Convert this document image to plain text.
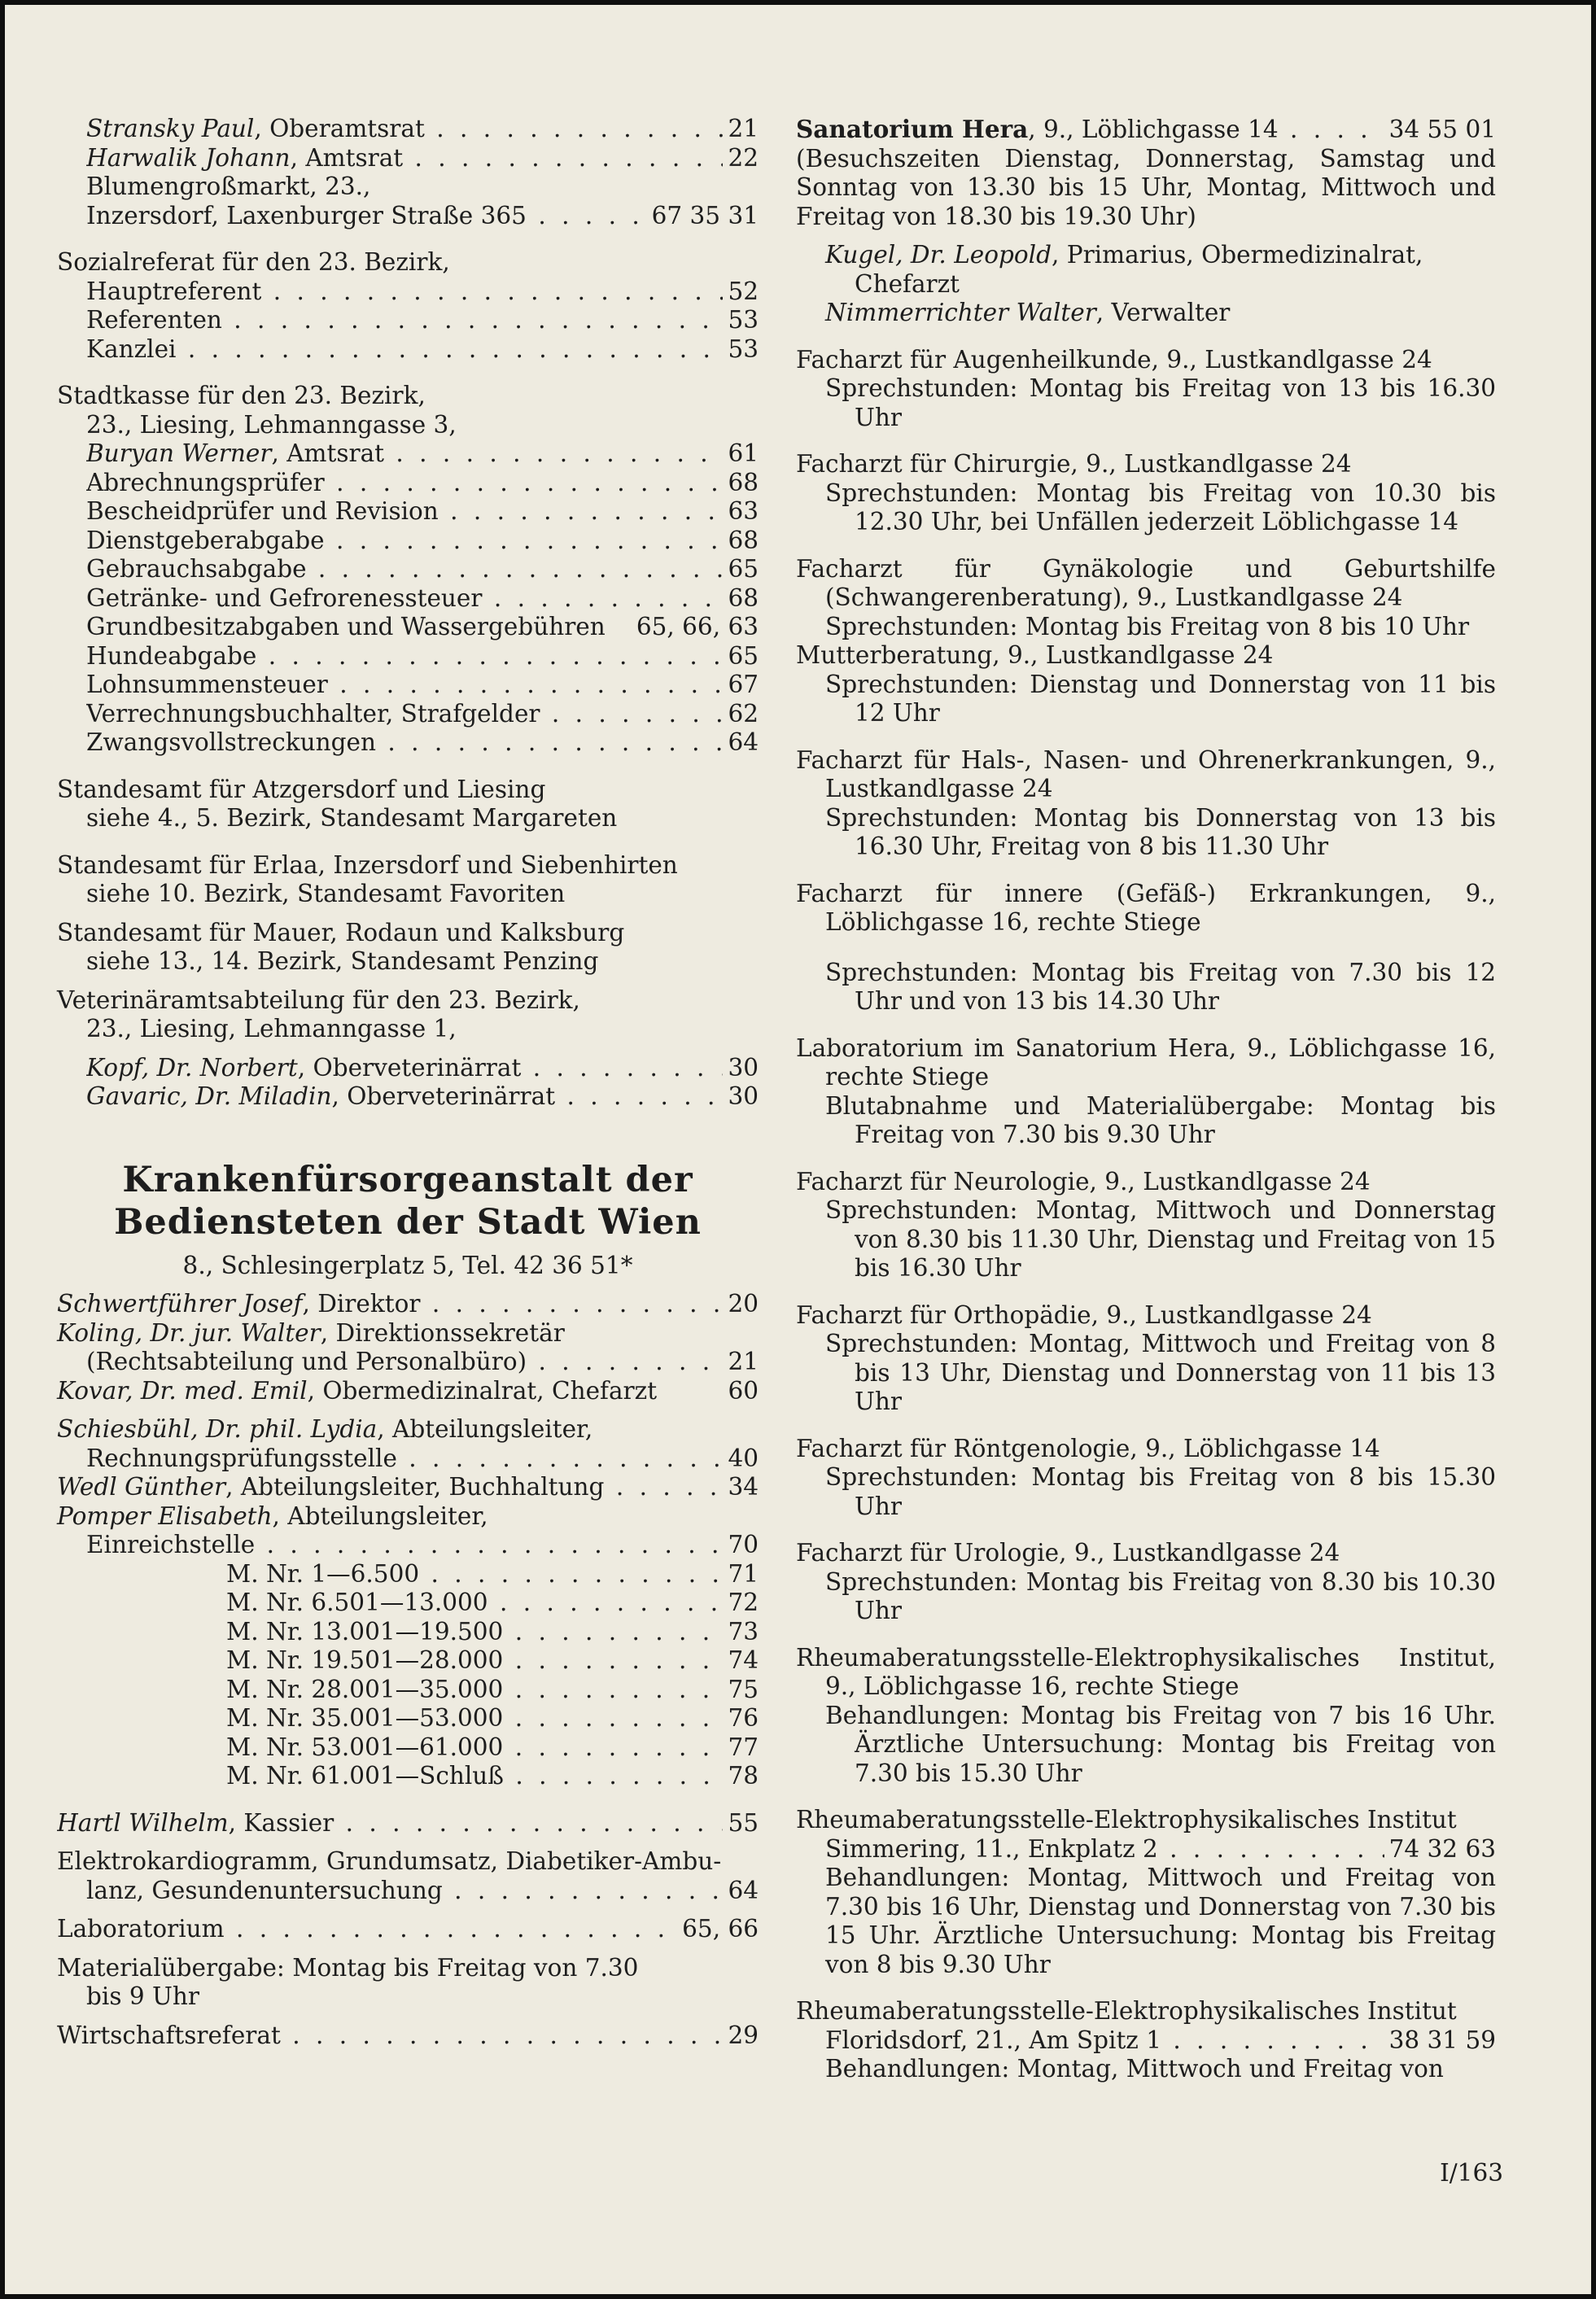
Stransky Paul, Oberamtsrat . . .	21
Harwalik Johann, Amtsrat . . .	22
Blumengroßmarkt, 23.,
Inzersdorf, Laxenburger Straße 365 . . .	67 35 31
Sozialreferat für den 23. Bezirk,
Hauptreferent . . .	52
Referenten . . .	53
Kanzlei . . .	53
Stadtkasse für den 23. Bezirk,
23., Liesing, Lehmanngasse 3,
Buryan Werner, Amtsrat . . .	61
Abrechnungsprüfer . . .	68
Bescheidprüfer und Revision . . .	63
Dienstgeberabgabe . . .	68
Gebrauchsabgabe . . .	65
Getränke- und Gefrorenessteuer . . .	68
Grundbesitzabgaben und Wassergebühren	65, 66, 63
Hundeabgabe . . .	65
Lohnsummensteuer . . .	67
Verrechnungsbuchhalter, Strafgelder . . .	62
Zwangsvollstreckungen . . .	64
Standesamt für Atzgersdorf und Liesing
siehe 4., 5. Bezirk, Standesamt Margareten
Standesamt für Erlaa, Inzersdorf und Siebenhirten
siehe 10. Bezirk, Standesamt Favoriten
Standesamt für Mauer, Rodaun und Kalksburg
siehe 13., 14. Bezirk, Standesamt Penzing
Veterinäramtsabteilung für den 23. Bezirk,
23., Liesing, Lehmanngasse 1,
Kopf, Dr. Norbert, Oberveterinärrat . . .	30
Gavaric, Dr. Miladin, Oberveterinärrat . . .	30
Krankenfürsorgeanstalt der
Bediensteten der Stadt Wien
8., Schlesingerplatz 5, Tel. 42 36 51*
Schwertführer Josef, Direktor . . .	20
Koling, Dr. jur. Walter, Direktionssekretär
(Rechtsabteilung und Personalbüro) . . .	21
Kovar, Dr. med. Emil, Obermedizinalrat, Chefarzt	60
Schiesbühl, Dr. phil. Lydia, Abteilungsleiter,
Rechnungsprüfungsstelle . . .	40
Wedl Günther, Abteilungsleiter, Buchhaltung . . .	34
Pomper Elisabeth, Abteilungsleiter,
Einreichstelle . . .	70
M. Nr. 1—6.500 . . .	71
M. Nr. 6.501—13.000 . . .	72
M. Nr. 13.001—19.500 . . .	73
M. Nr. 19.501—28.000 . . .	74
M. Nr. 28.001—35.000 . . .	75
M. Nr. 35.001—53.000 . . .	76
M. Nr. 53.001—61.000 . . .	77
M. Nr. 61.001—Schluß . . .	78
Hartl Wilhelm, Kassier . . .	55
Elektrokardiogramm, Grundumsatz, Diabetiker-Ambu-
lanz, Gesundenuntersuchung . . .	64
Laboratorium . . .	65, 66
Materialübergabe: Montag bis Freitag von 7.30
bis 9 Uhr
Wirtschaftsreferat . . .	29
Sanatorium Hera, 9., Löblichgasse 14 . . .	34 55 01
(Besuchszeiten Dienstag, Donnerstag, Samstag und Sonntag von 13.30 bis 15 Uhr, Montag, Mittwoch und Freitag von 18.30 bis 19.30 Uhr)
Kugel, Dr. Leopold, Primarius, Obermedizinalrat, Chefarzt
Nimmerrichter Walter, Verwalter
Facharzt für Augenheilkunde, 9., Lustkandlgasse 24
Sprechstunden: Montag bis Freitag von 13 bis 16.30 Uhr
Facharzt für Chirurgie, 9., Lustkandlgasse 24
Sprechstunden: Montag bis Freitag von 10.30 bis 12.30 Uhr, bei Unfällen jederzeit Löblichgasse 14
Facharzt für Gynäkologie und Geburtshilfe (Schwangerenberatung), 9., Lustkandlgasse 24
Sprechstunden: Montag bis Freitag von 8 bis 10 Uhr
Mutterberatung, 9., Lustkandlgasse 24
Sprechstunden: Dienstag und Donnerstag von 11 bis 12 Uhr
Facharzt für Hals-, Nasen- und Ohrenerkrankungen, 9., Lustkandlgasse 24
Sprechstunden: Montag bis Donnerstag von 13 bis 16.30 Uhr, Freitag von 8 bis 11.30 Uhr
Facharzt für innere (Gefäß-) Erkrankungen, 9., Löblichgasse 16, rechte Stiege
Sprechstunden: Montag bis Freitag von 7.30 bis 12 Uhr und von 13 bis 14.30 Uhr
Laboratorium im Sanatorium Hera, 9., Löblichgasse 16, rechte Stiege
Blutabnahme und Materialübergabe: Montag bis Freitag von 7.30 bis 9.30 Uhr
Facharzt für Neurologie, 9., Lustkandlgasse 24
Sprechstunden: Montag, Mittwoch und Donnerstag von 8.30 bis 11.30 Uhr, Dienstag und Freitag von 15 bis 16.30 Uhr
Facharzt für Orthopädie, 9., Lustkandlgasse 24
Sprechstunden: Montag, Mittwoch und Freitag von 8 bis 13 Uhr, Dienstag und Donnerstag von 11 bis 13 Uhr
Facharzt für Röntgenologie, 9., Löblichgasse 14
Sprechstunden: Montag bis Freitag von 8 bis 15.30 Uhr
Facharzt für Urologie, 9., Lustkandlgasse 24
Sprechstunden: Montag bis Freitag von 8.30 bis 10.30 Uhr
Rheumaberatungsstelle-Elektrophysikalisches Institut, 9., Löblichgasse 16, rechte Stiege
Behandlungen: Montag bis Freitag von 7 bis 16 Uhr. Ärztliche Untersuchung: Montag bis Freitag von 7.30 bis 15.30 Uhr
Rheumaberatungsstelle-Elektrophysikalisches Institut
Simmering, 11., Enkplatz 2 . . .	74 32 63
Behandlungen: Montag, Mittwoch und Freitag von 7.30 bis 16 Uhr, Dienstag und Donnerstag von 7.30 bis 15 Uhr. Ärztliche Untersuchung: Montag bis Freitag von 8 bis 9.30 Uhr
Rheumaberatungsstelle-Elektrophysikalisches Institut
Floridsdorf, 21., Am Spitz 1 . . .	38 31 59
Behandlungen: Montag, Mittwoch und Freitag von
I/163
